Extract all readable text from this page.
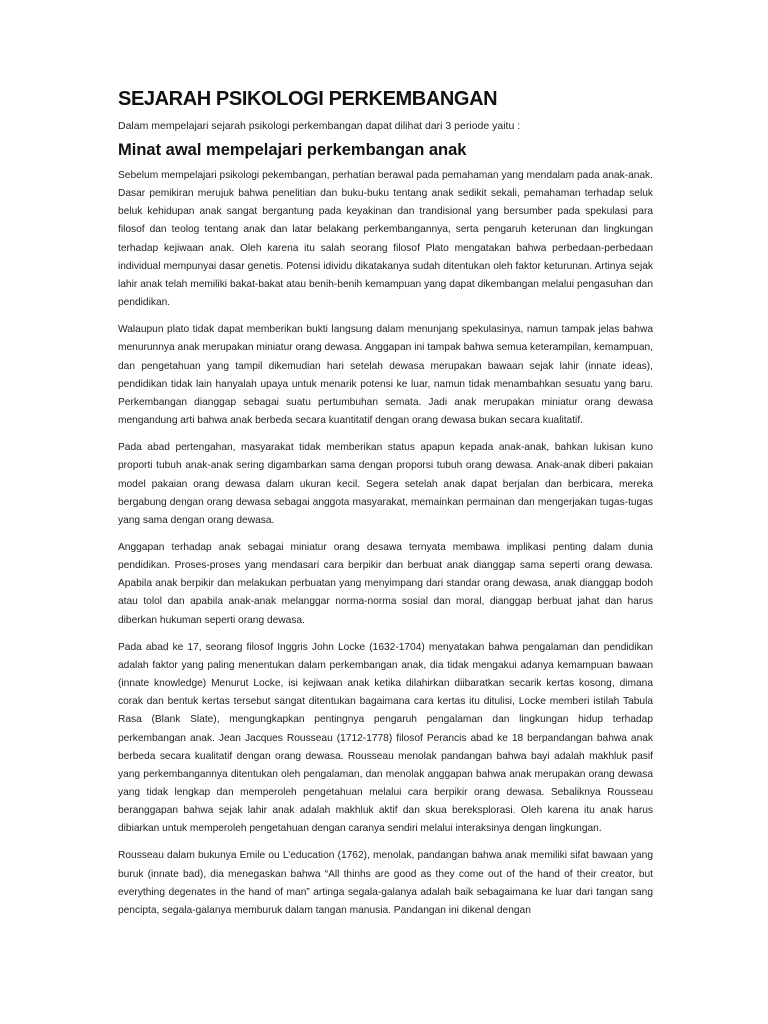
SEJARAH PSIKOLOGI PERKEMBANGAN

Dalam mempelajari sejarah psikologi perkembangan dapat dilihat dari 3 periode yaitu :

Minat awal mempelajari perkembangan anak

Sebelum mempelajari psikologi pekembangan, perhatian berawal pada pemahaman yang mendalam pada anak-anak. Dasar pemikiran merujuk bahwa penelitian dan buku-buku tentang anak sedikit sekali, pemahaman terhadap seluk beluk kehidupan anak sangat bergantung pada keyakinan dan trandisional yang bersumber pada spekulasi para filosof dan teolog tentang anak dan latar belakang perkembangannya, serta pengaruh keterunan dan lingkungan terhadap kejiwaan anak. Oleh karena itu salah seorang filosof Plato mengatakan bahwa perbedaan-perbedaan individual mempunyai dasar genetis. Potensi idividu dikatakanya sudah ditentukan oleh faktor keturunan. Artinya sejak lahir anak telah memiliki bakat-bakat atau benih-benih kemampuan yang dapat dikembangan melalui pengasuhan dan pendidikan.

Walaupun plato tidak dapat memberikan bukti langsung dalam menunjang spekulasinya, namun tampak jelas bahwa menurunnya anak merupakan miniatur orang dewasa. Anggapan ini tampak bahwa semua keterampilan, kemampuan, dan pengetahuan yang tampil dikemudian hari setelah dewasa merupakan bawaan sejak lahir (innate ideas), pendidikan tidak lain hanyalah upaya untuk menarik potensi ke luar, namun tidak menambahkan sesuatu yang baru. Perkembangan dianggap sebagai suatu pertumbuhan semata. Jadi anak merupakan miniatur orang dewasa mengandung arti bahwa anak berbeda secara kuantitatif dengan orang dewasa bukan secara kualitatif.

Pada abad pertengahan, masyarakat tidak memberikan status apapun kepada anak-anak, bahkan lukisan kuno proporti tubuh anak-anak sering digambarkan sama dengan proporsi tubuh orang dewasa. Anak-anak diberi pakaian model pakaian orang dewasa dalam ukuran kecil. Segera setelah anak dapat berjalan dan berbicara, mereka bergabung dengan orang dewasa sebagai anggota masyarakat, memainkan permainan dan mengerjakan tugas-tugas yang sama dengan orang dewasa.

Anggapan terhadap anak sebagai miniatur orang desawa ternyata membawa implikasi penting dalam dunia pendidikan. Proses-proses yang mendasari cara berpikir dan berbuat anak dianggap sama seperti orang dewasa. Apabila anak berpikir dan melakukan perbuatan yang menyimpang dari standar orang dewasa, anak dianggap bodoh atau tolol dan apabila anak-anak melanggar norma-norma sosial dan moral, dianggap berbuat jahat dan harus diberkan hukuman seperti orang dewasa.

Pada abad ke 17, seorang filosof Inggris John Locke (1632-1704) menyatakan bahwa pengalaman dan pendidikan adalah faktor yang paling menentukan dalam perkembangan anak, dia tidak mengakui adanya kemampuan bawaan (innate knowledge) Menurut Locke, isi kejiwaan anak ketika dilahirkan diibaratkan secarik kertas kosong, dimana corak dan bentuk kertas tersebut sangat ditentukan bagaimana cara kertas itu ditulisi, Locke memberi istilah Tabula Rasa (Blank Slate), mengungkapkan pentingnya pengaruh pengalaman dan lingkungan hidup terhadap perkembangan anak. Jean Jacques Rousseau (1712-1778) filosof Perancis abad ke 18 berpandangan bahwa anak berbeda secara kualitatif dengan orang dewasa. Rousseau menolak pandangan bahwa bayi adalah makhluk pasif yang perkembangannya ditentukan oleh pengalaman, dan menolak anggapan bahwa anak merupakan orang dewasa yang tidak lengkap dan memperoleh pengetahuan melalui cara berpikir orang dewasa. Sebaliknya Rousseau beranggapan bahwa sejak lahir anak adalah makhluk aktif dan skua bereksplorasi. Oleh karena itu anak harus dibiarkan untuk memperoleh pengetahuan dengan caranya sendiri melalui interaksinya dengan lingkungan.

Rousseau dalam bukunya Emile ou L’education (1762), menolak, pandangan bahwa anak memiliki sifat bawaan yang buruk (innate bad), dia menegaskan bahwa “All thinhs are good as they come out of the hand of their creator, but everything degenates in the hand of man” artinga segala-galanya adalah baik sebagaimana ke luar dari tangan sang pencipta, segala-galanya memburuk dalam tangan manusia. Pandangan ini dikenal dengan
